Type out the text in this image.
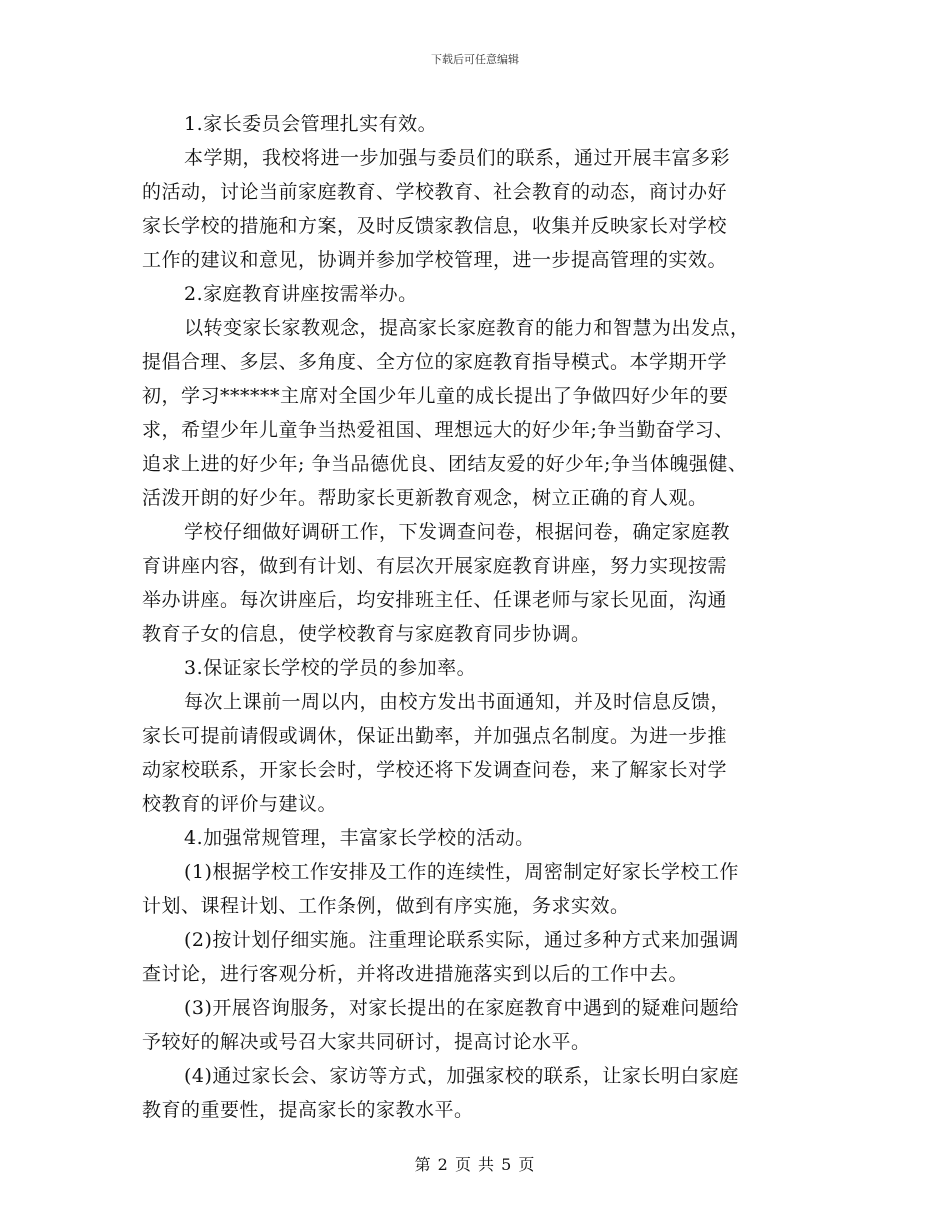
下载后可任意编辑
1.家长委员会管理扎实有效。
本学期，我校将进一步加强与委员们的联系，通过开展丰富多彩
的活动，讨论当前家庭教育、学校教育、社会教育的动态，商讨办好
家长学校的措施和方案，及时反馈家教信息，收集并反映家长对学校
工作的建议和意见，协调并参加学校管理，进一步提高管理的实效。
2.家庭教育讲座按需举办。
以转变家长家教观念，提高家长家庭教育的能力和智慧为出发点，
提倡合理、多层、多角度、全方位的家庭教育指导模式。本学期开学
初，学习******主席对全国少年儿童的成长提出了争做四好少年的要
求，希望少年儿童争当热爱祖国、理想远大的好少年;争当勤奋学习、
追求上进的好少年; 争当品德优良、团结友爱的好少年;争当体魄强健、
活泼开朗的好少年。帮助家长更新教育观念，树立正确的育人观。
学校仔细做好调研工作，下发调查问卷，根据问卷，确定家庭教
育讲座内容，做到有计划、有层次开展家庭教育讲座，努力实现按需
举办讲座。每次讲座后，均安排班主任、任课老师与家长见面，沟通
教育子女的信息，使学校教育与家庭教育同步协调。
3.保证家长学校的学员的参加率。
每次上课前一周以内，由校方发出书面通知，并及时信息反馈，
家长可提前请假或调休，保证出勤率，并加强点名制度。为进一步推
动家校联系，开家长会时，学校还将下发调查问卷，来了解家长对学
校教育的评价与建议。
4.加强常规管理，丰富家长学校的活动。
(1)根据学校工作安排及工作的连续性，周密制定好家长学校工作
计划、课程计划、工作条例，做到有序实施，务求实效。
(2)按计划仔细实施。注重理论联系实际，通过多种方式来加强调
查讨论，进行客观分析，并将改进措施落实到以后的工作中去。
(3)开展咨询服务，对家长提出的在家庭教育中遇到的疑难问题给
予较好的解决或号召大家共同研讨，提高讨论水平。
(4)通过家长会、家访等方式，加强家校的联系，让家长明白家庭
教育的重要性，提高家长的家教水平。
第 2 页 共 5 页
